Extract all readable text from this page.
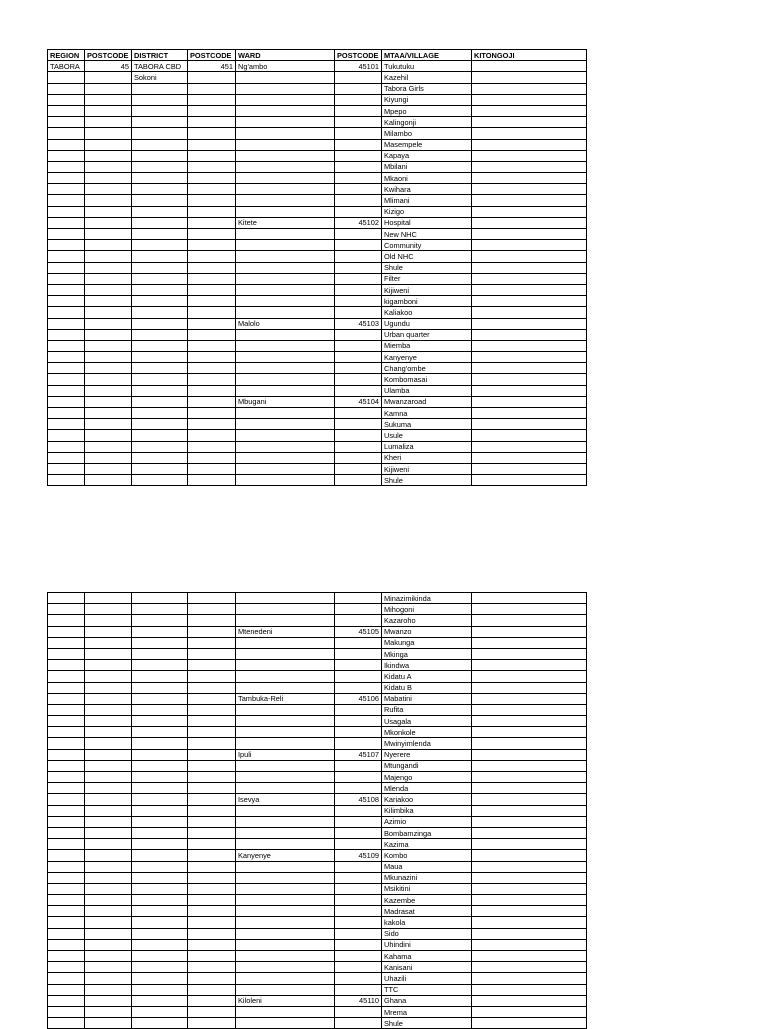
REGION	POSTCODE	DISTRICT	POSTCODE	WARD	POSTCODE	MTAA/VILLAGE	KITONGOJI
TABORA	45	TABORA CBD	451	Ng'ambo	45101	Tukutuku	
		Sokoni				Kazehil	
						Tabora Girls	
						Kiyungi	
						Mpepo	
						Kalingonji	
						Milambo	
						Masempele	
						Kapaya	
						Mbilani	
						Mkaoni	
						Kwihara	
						Mlimani	
						Kizigo	
				Kitete	45102	Hospital	
						New NHC	
						Community	
						Old NHC	
						Shule	
						Filter	
						Kijiweni	
						kigamboni	
						Kaliakoo	
				Malolo	45103	Ugundu	
						Urban quarter	
						Miemba	
						Kanyenye	
						Chang'ombe	
						Kombomasai	
						Ulamba	
				Mbugani	45104	Mwanzaroad	
						Kamna	
						Sukuma	
						Usule	
						Lumaliza	
						Kheri	
						Kijiweni	
						Shule	
						Minazimikinda	
						Mihogoni	
						Kazaroho	
				Mtenedeni	45105	Mwanzo	
						Makunga	
						Mkinga	
						Ikindwa	
						Kidatu A	
						Kidatu B	
				Tambuka-Reli	45106	Mabatini	
						Rufita	
						Usagala	
						Mkonkole	
						Mwinyimlenda	
				Ipuli	45107	Nyerere	
						Mtungandi	
						Majengo	
						Mlenda	
				Isevya	45108	Kariakoo	
						Kilimbika	
						Azimio	
						Bombamzinga	
						Kazima	
				Kanyenye	45109	Kombo	
						Maua	
						Mkunazini	
						Msikitini	
						Kazembe	
						Madrasat	
						kakola	
						Sido	
						Uhindini	
						Kahama	
						Kanisani	
						Uhazili	
						TTC	
				Kiloleni	45110	Ghana	
						Mrema	
						Shule	
